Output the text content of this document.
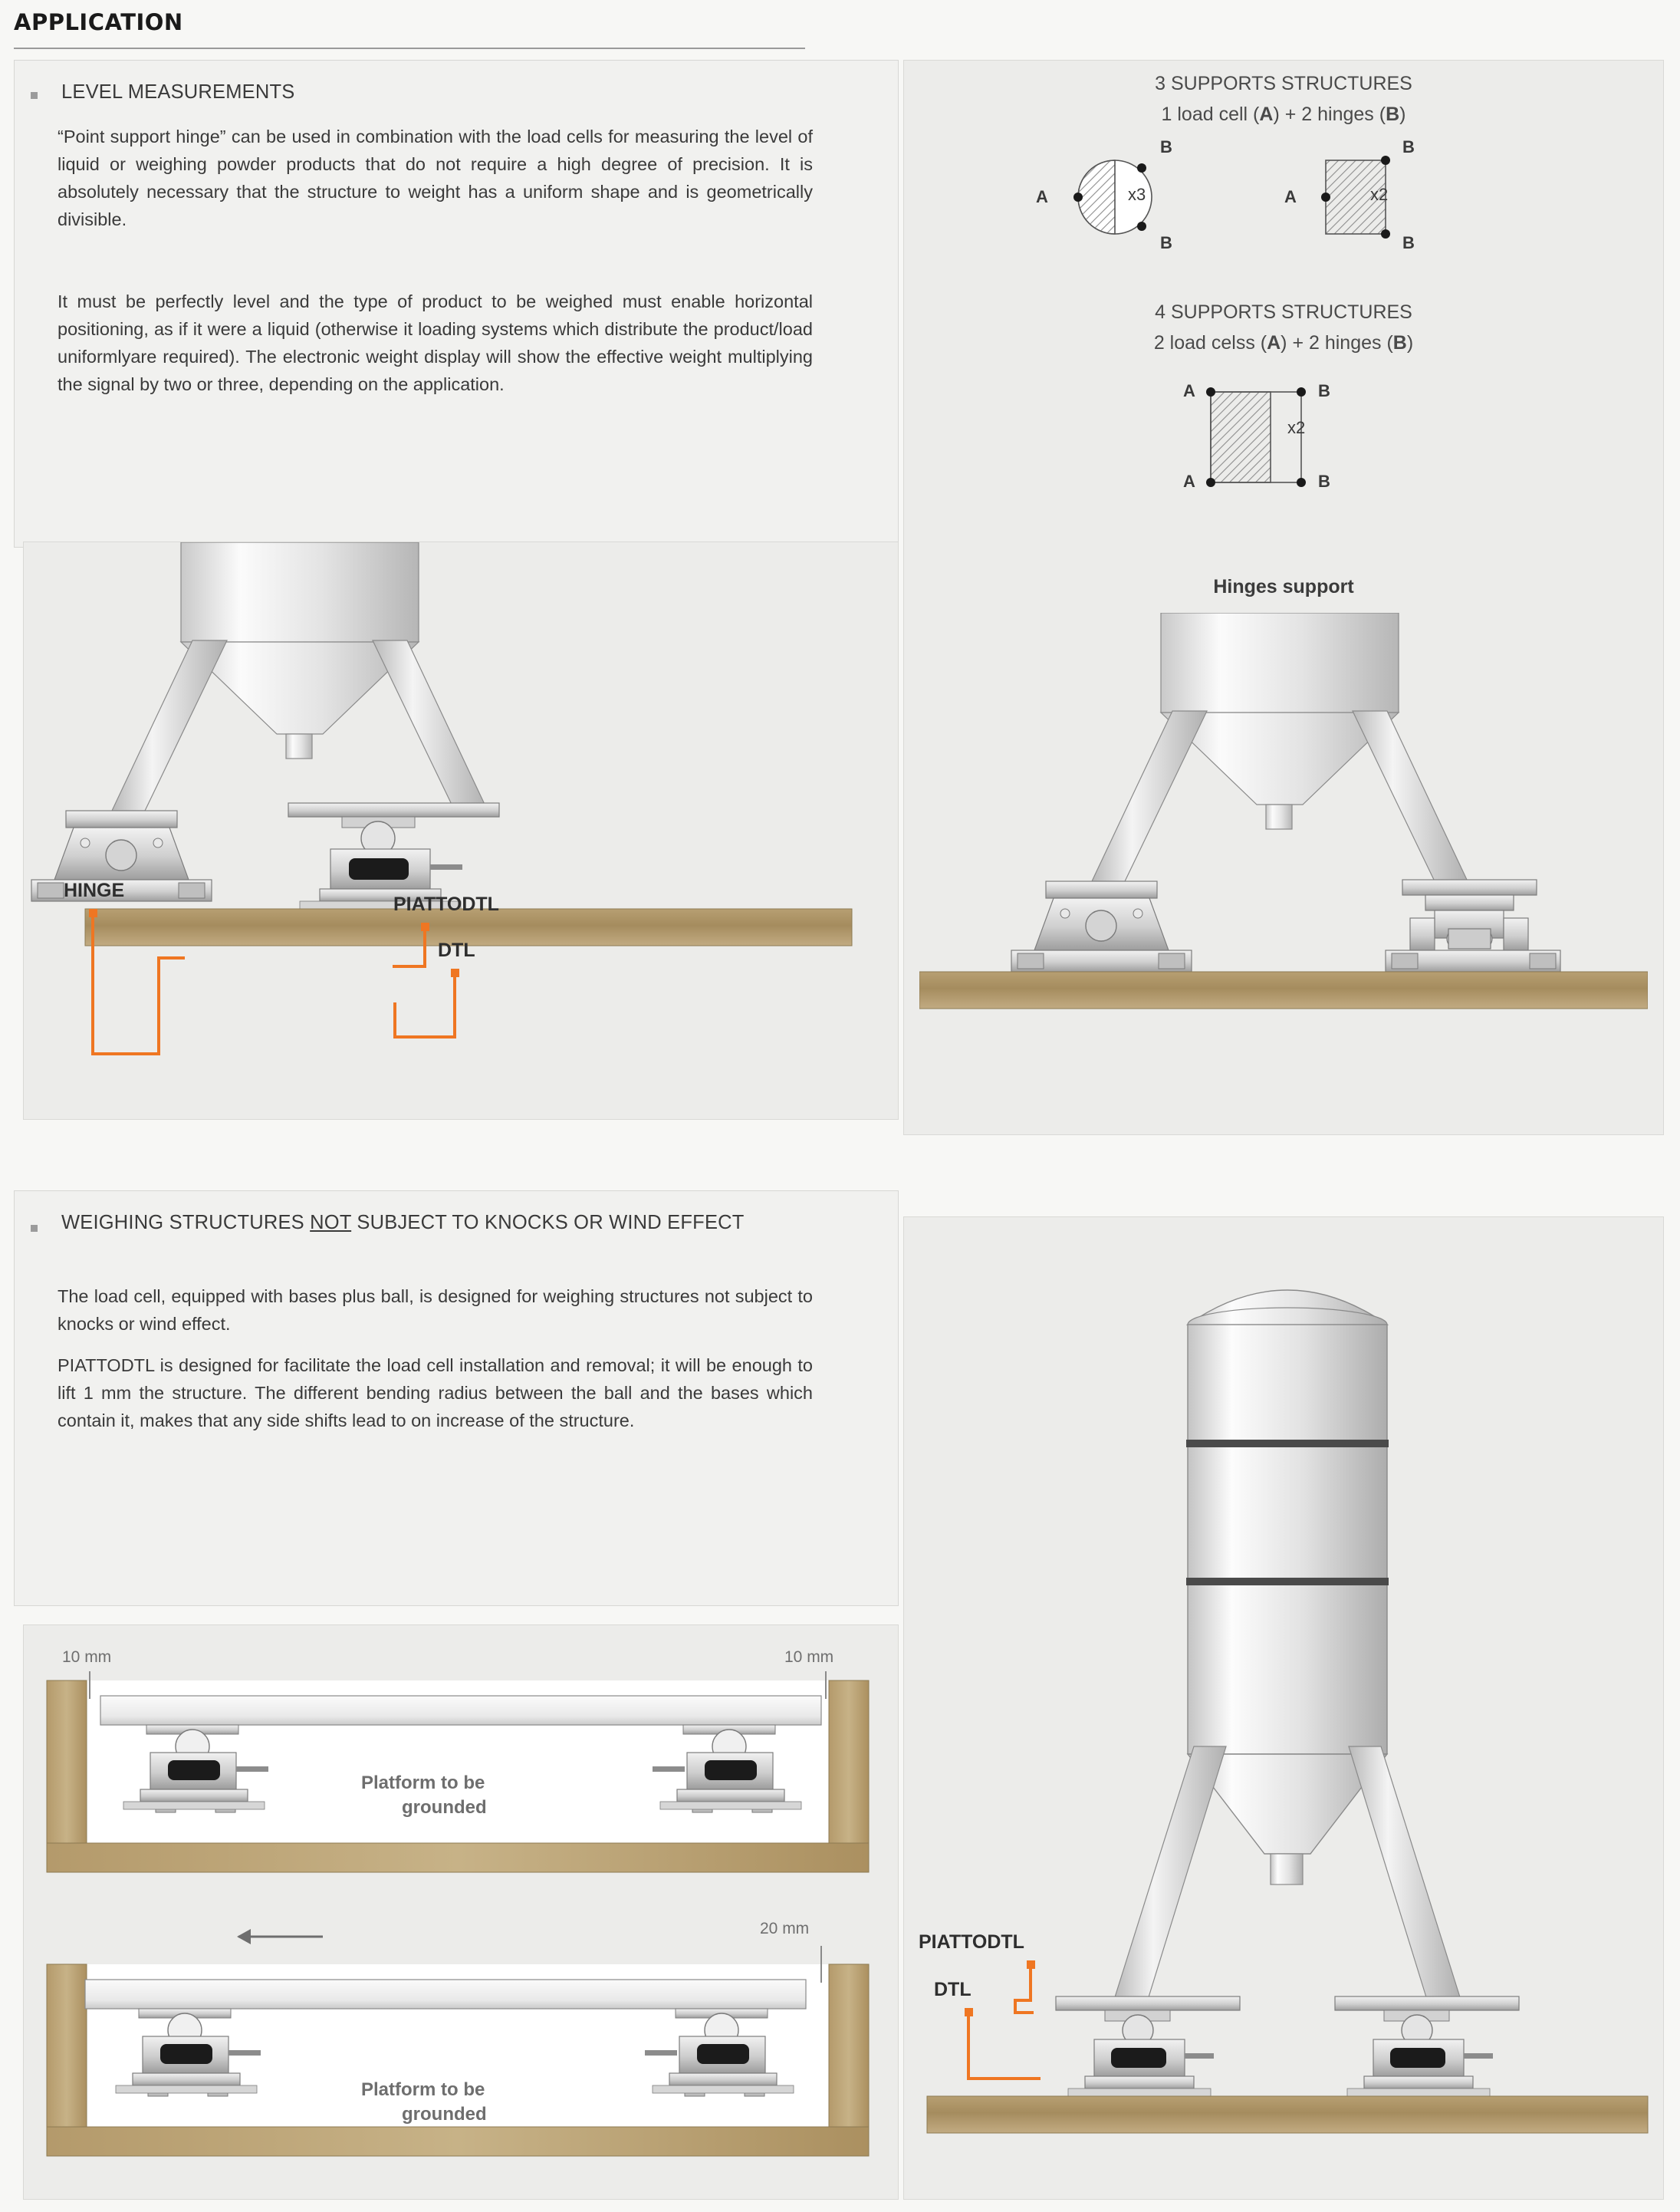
APPLICATION
LEVEL MEASUREMENTS
“Point support hinge” can be used in combination with the load cells for measuring the level of liquid or weighing powder products that do not require a high degree of precision. It is absolutely necessary that the structure to weight has a uniform shape and is geometrically divisible.
It must be perfectly level and the type of product to be weighed must enable horizontal positioning, as if it were a liquid (otherwise it loading systems which distribute the product/load uniformlyare required). The electronic weight display will show the effective weight multiplying the signal by two or three, depending on the application.
3 SUPPORTS STRUCTURES
1 load cell (A) + 2 hinges (B)
A
B
B
x3	A
B
B
x2
4 SUPPORTS STRUCTURES
2 load celss (A) + 2 hinges (B)
A	B
A	B
x2
Hinges support
HINGE
PIATTODTL
DTL
WEIGHING STRUCTURES NOT SUBJECT TO KNOCKS OR WIND EFFECT
The load cell, equipped with bases plus ball, is designed for weighing structures not subject to knocks or wind effect.
PIATTODTL is designed for facilitate the load cell installation and removal; it will be enough to lift 1 mm the structure. The different bending radius between the ball and the bases which contain it, makes that any side shifts lead to on increase of the structure.
PIATTODTL
DTL
10 mm	10 mm
Platform to be
grounded
20 mm
Platform to be
grounded
